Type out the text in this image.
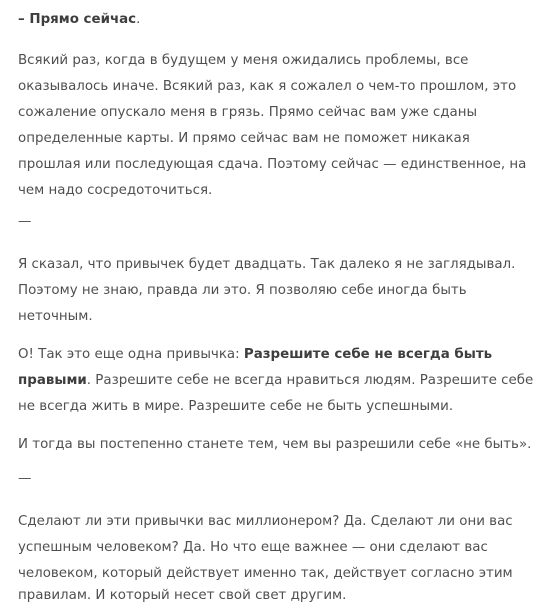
– Прямо сейчас.
Всякий раз, когда в будущем у меня ожидались проблемы, все
оказывалось иначе. Всякий раз, как я сожалел о чем-то прошлом, это
сожаление опускало меня в грязь. Прямо сейчас вам уже сданы
определенные карты. И прямо сейчас вам не поможет никакая
прошлая или последующая сдача. Поэтому сейчас — единственное, на
чем надо сосредоточиться.
—
Я сказал, что привычек будет двадцать. Так далеко я не заглядывал.
Поэтому не знаю, правда ли это. Я позволяю себе иногда быть
неточным.
О! Так это еще одна привычка: Разрешите себе не всегда быть
правыми. Разрешите себе не всегда нравиться людям. Разрешите себе
не всегда жить в мире. Разрешите себе не быть успешными.
И тогда вы постепенно станете тем, чем вы разрешили себе «не быть».
—
Сделают ли эти привычки вас миллионером? Да. Сделают ли они вас
успешным человеком? Да. Но что еще важнее — они сделают вас
человеком, который действует именно так, действует согласно этим
правилам. И который несет свой свет другим.
